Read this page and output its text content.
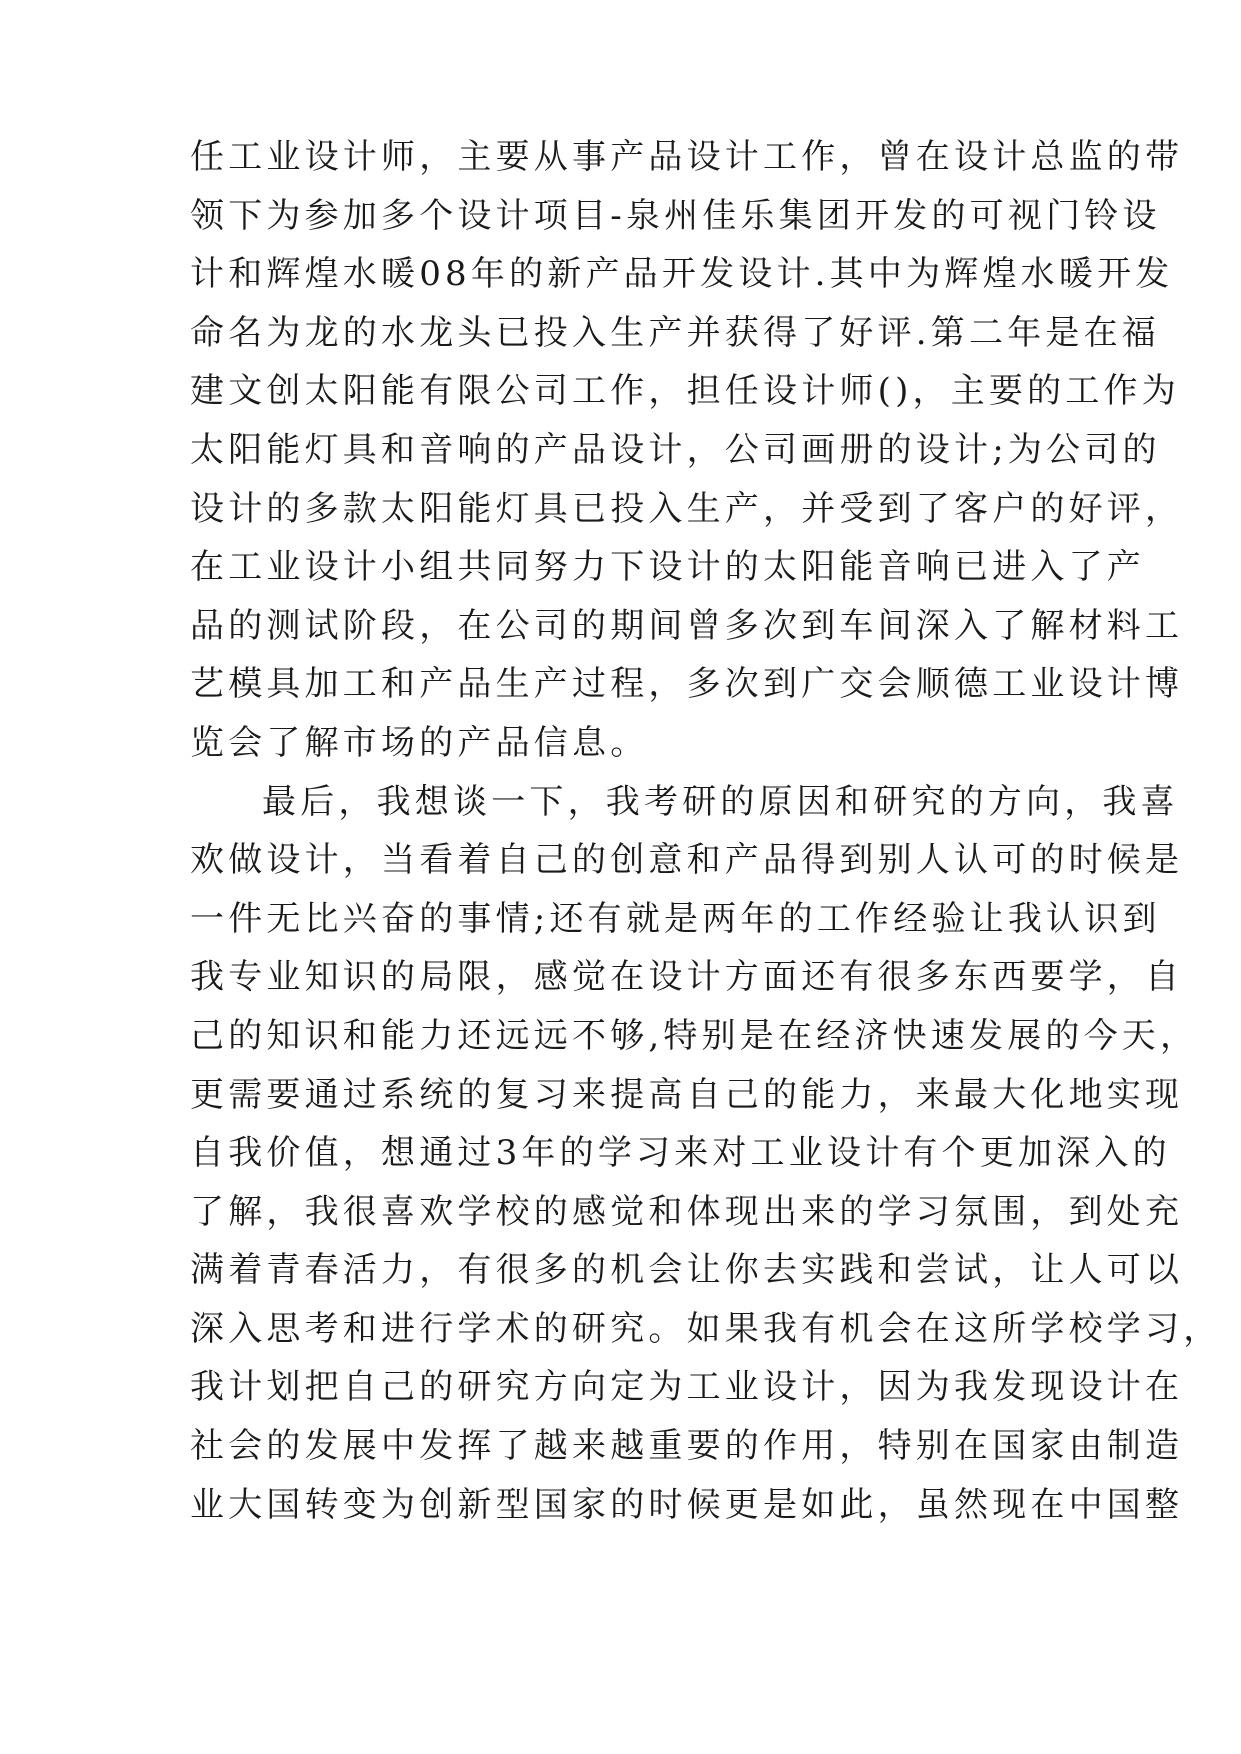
任工业设计师，主要从事产品设计工作，曾在设计总监的带
领下为参加多个设计项目-泉州佳乐集团开发的可视门铃设
计和辉煌水暖08年的新产品开发设计.其中为辉煌水暖开发
命名为龙的水龙头已投入生产并获得了好评.第二年是在福
建文创太阳能有限公司工作，担任设计师()，主要的工作为
太阳能灯具和音响的产品设计，公司画册的设计;为公司的
设计的多款太阳能灯具已投入生产，并受到了客户的好评，
在工业设计小组共同努力下设计的太阳能音响已进入了产
品的测试阶段，在公司的期间曾多次到车间深入了解材料工
艺模具加工和产品生产过程，多次到广交会顺德工业设计博
览会了解市场的产品信息。
最后，我想谈一下，我考研的原因和研究的方向，我喜
欢做设计，当看着自己的创意和产品得到别人认可的时候是
一件无比兴奋的事情;还有就是两年的工作经验让我认识到
我专业知识的局限，感觉在设计方面还有很多东西要学，自
己的知识和能力还远远不够,特别是在经济快速发展的今天，
更需要通过系统的复习来提高自己的能力，来最大化地实现
自我价值，想通过3年的学习来对工业设计有个更加深入的
了解，我很喜欢学校的感觉和体现出来的学习氛围，到处充
满着青春活力，有很多的机会让你去实践和尝试，让人可以
深入思考和进行学术的研究。如果我有机会在这所学校学习，
我计划把自己的研究方向定为工业设计，因为我发现设计在
社会的发展中发挥了越来越重要的作用，特别在国家由制造
业大国转变为创新型国家的时候更是如此，虽然现在中国整
